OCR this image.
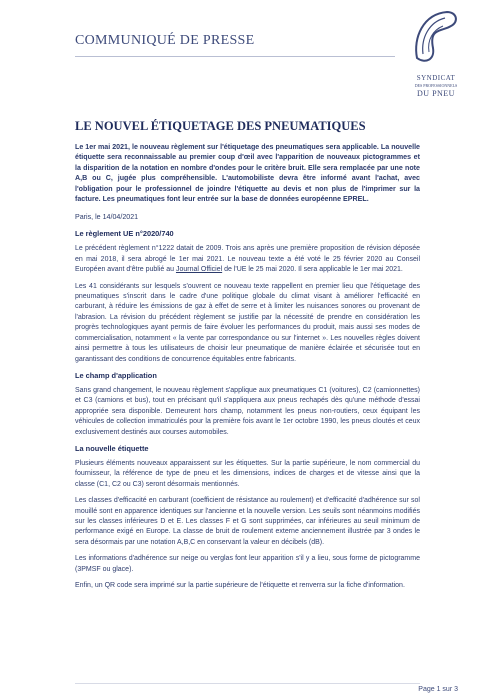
COMMUNIQUÉ DE PRESSE
SYNDICAT
DES PROFESSIONNELS
DU PNEU
LE NOUVEL ÉTIQUETAGE DES PNEUMATIQUES

Le 1er mai 2021, le nouveau règlement sur l'étiquetage des pneumatiques sera applicable. La nouvelle étiquette sera reconnaissable au premier coup d'œil avec l'apparition de nouveaux pictogrammes et la disparition de la notation en nombre d'ondes pour le critère bruit. Elle sera remplacée par une note A,B ou C, jugée plus compréhensible. L'automobiliste devra être informé avant l'achat, avec l'obligation pour le professionnel de joindre l'étiquette au devis et non plus de l'imprimer sur la facture. Les pneumatiques font leur entrée sur la base de données européenne EPREL.

Paris, le 14/04/2021

Le règlement UE n°2020/740

Le précédent règlement n°1222 datait de 2009. Trois ans après une première proposition de révision déposée en mai 2018, il sera abrogé le 1er mai 2021. Le nouveau texte a été voté le 25 février 2020 au Conseil Européen avant d'être publié au Journal Officiel de l'UE le 25 mai 2020. Il sera applicable le 1er mai 2021.

Les 41 considérants sur lesquels s'ouvrent ce nouveau texte rappellent en premier lieu que l'étiquetage des pneumatiques s'inscrit dans le cadre d'une politique globale du climat visant à améliorer l'efficacité en carburant, à réduire les émissions de gaz à effet de serre et à limiter les nuisances sonores ou provenant de l'abrasion. La révision du précédent règlement se justifie par la nécessité de prendre en considération les progrès technologiques ayant permis de faire évoluer les performances du produit, mais aussi ses modes de commercialisation, notamment « la vente par correspondance ou sur l'internet ». Les nouvelles règles doivent ainsi permettre à tous les utilisateurs de choisir leur pneumatique de manière éclairée et sécurisée tout en garantissant des conditions de concurrence équitables entre fabricants.

Le champ d'application

Sans grand changement, le nouveau règlement s'applique aux pneumatiques C1 (voitures), C2 (camionnettes) et C3 (camions et bus), tout en précisant qu'il s'appliquera aux pneus rechapés dès qu'une méthode d'essai appropriée sera disponible. Demeurent hors champ, notamment les pneus non-routiers, ceux équipant les véhicules de collection immatriculés pour la première fois avant le 1er octobre 1990, les pneus cloutés et ceux exclusivement destinés aux courses automobiles.

La nouvelle étiquette

Plusieurs éléments nouveaux apparaissent sur les étiquettes. Sur la partie supérieure, le nom commercial du fournisseur, la référence de type de pneu et les dimensions, indices de charges et de vitesse ainsi que la classe (C1, C2 ou C3) seront désormais mentionnés.

Les classes d'efficacité en carburant (coefficient de résistance au roulement) et d'efficacité d'adhérence sur sol mouillé sont en apparence identiques sur l'ancienne et la nouvelle version. Les seuils sont néanmoins modifiés sur les classes inférieures D et E. Les classes F et G sont supprimées, car inférieures au seuil minimum de performance exigé en Europe. La classe de bruit de roulement externe anciennement illustrée par 3 ondes le sera désormais par une notation A,B,C en conservant la valeur en décibels (dB).

Les informations d'adhérence sur neige ou verglas font leur apparition s'il y a lieu, sous forme de pictogramme (3PMSF ou glace).

Enfin, un QR code sera imprimé sur la partie supérieure de l'étiquette et renverra sur la fiche d'information.

Page 1 sur 3
